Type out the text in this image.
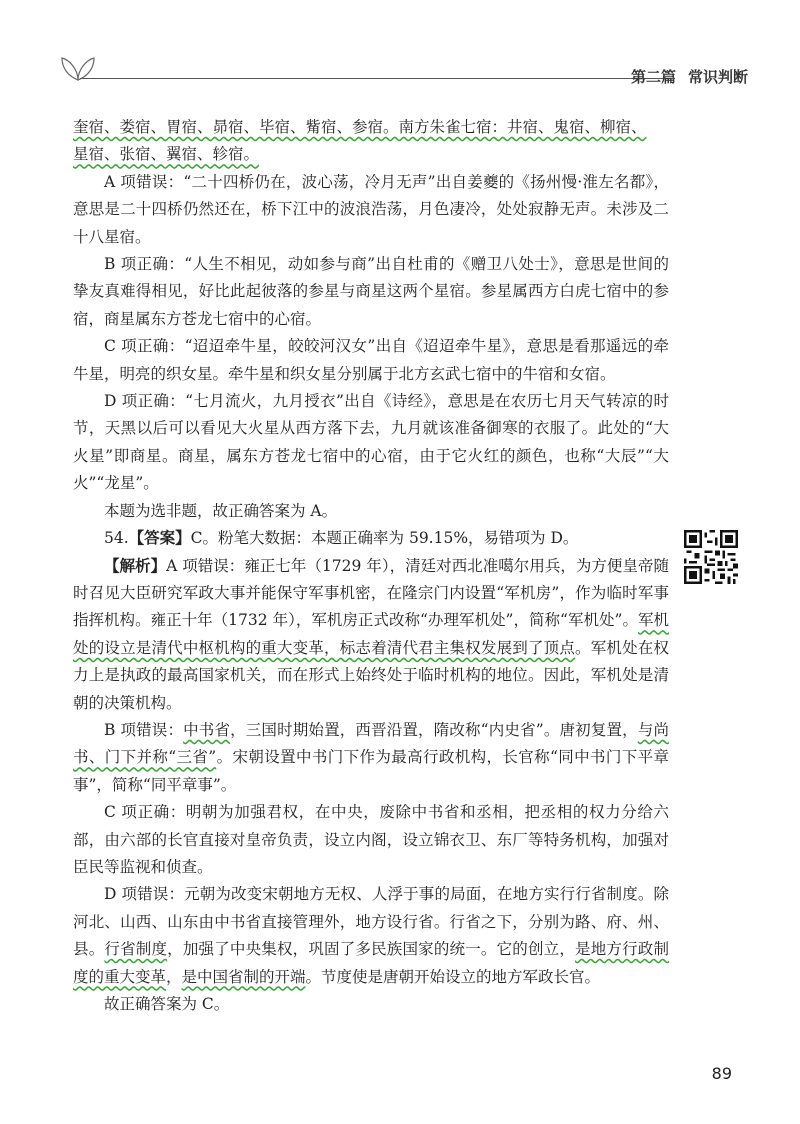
第二篇 常识判断

奎宿、娄宿、胃宿、昴宿、毕宿、觜宿、参宿。南方朱雀七宿：井宿、鬼宿、柳宿、
星宿、张宿、翼宿、轸宿。

A 项错误：“二十四桥仍在，波心荡，冷月无声”出自姜夔的《扬州慢·淮左名都》，意思是二十四桥仍然还在，桥下江中的波浪浩荡，月色凄冷，处处寂静无声。未涉及二十八星宿。

B 项正确：“人生不相见，动如参与商”出自杜甫的《赠卫八处士》，意思是世间的挚友真难得相见，好比此起彼落的参星与商星这两个星宿。参星属西方白虎七宿中的参宿，商星属东方苍龙七宿中的心宿。

C 项正确：“迢迢牵牛星，皎皎河汉女”出自《迢迢牵牛星》，意思是看那遥远的牵牛星，明亮的织女星。牵牛星和织女星分别属于北方玄武七宿中的牛宿和女宿。

D 项正确：“七月流火，九月授衣”出自《诗经》，意思是在农历七月天气转凉的时节，天黑以后可以看见大火星从西方落下去，九月就该准备御寒的衣服了。此处的“大火星”即商星。商星，属东方苍龙七宿中的心宿，由于它火红的颜色，也称“大辰”“大火”“龙星”。

本题为选非题，故正确答案为 A。

54.【答案】C。粉笔大数据：本题正确率为 59.15%，易错项为 D。

【解析】A 项错误：雍正七年（1729 年），清廷对西北准噶尔用兵，为方便皇帝随时召见大臣研究军政大事并能保守军事机密，在隆宗门内设置“军机房”，作为临时军事指挥机构。雍正十年（1732 年），军机房正式改称“办理军机处”，简称“军机处”。军机处的设立是清代中枢机构的重大变革，标志着清代君主集权发展到了顶点。军机处在权力上是执政的最高国家机关，而在形式上始终处于临时机构的地位。因此，军机处是清朝的决策机构。

B 项错误：中书省，三国时期始置，西晋沿置，隋改称“内史省”。唐初复置，与尚书、门下并称“三省”。宋朝设置中书门下作为最高行政机构，长官称“同中书门下平章事”，简称“同平章事”。

C 项正确：明朝为加强君权，在中央，废除中书省和丞相，把丞相的权力分给六部，由六部的长官直接对皇帝负责，设立内阁，设立锦衣卫、东厂等特务机构，加强对臣民等监视和侦查。

D 项错误：元朝为改变宋朝地方无权、人浮于事的局面，在地方实行行省制度。除河北、山西、山东由中书省直接管理外，地方设行省。行省之下，分别为路、府、州、县。行省制度，加强了中央集权，巩固了多民族国家的统一。它的创立，是地方行政制度的重大变革，是中国省制的开端。节度使是唐朝开始设立的地方军政长官。

故正确答案为 C。

89
